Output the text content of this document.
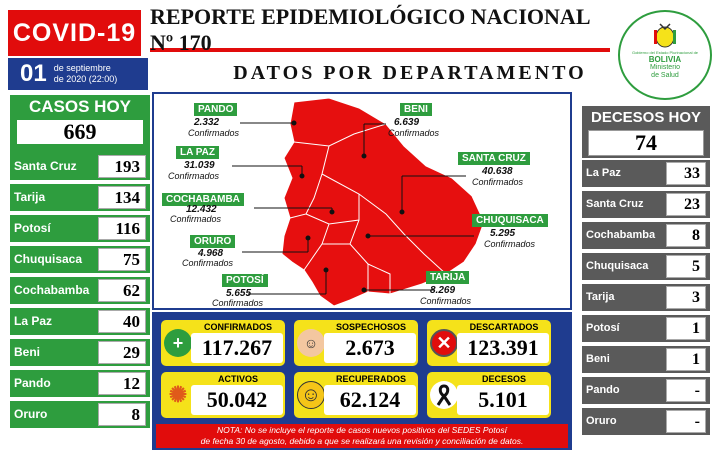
COVID-19
REPORTE EPIDEMIOLÓGICO NACIONAL Nº 170
01 de septiembre
de 2020 (22:00)	DATOS POR DEPARTAMENTO
Gobierno del Estado Plurinacional de
BOLIVIA
Ministerio
de Salud
CASOS HOY
669
Santa Cruz	193
Tarija	134
Potosí	116
Chuquisaca	75
Cochabamba	62
La Paz	40
Beni	29
Pando	12
Oruro	8
DECESOS HOY
74
La Paz	33
Santa Cruz	23
Cochabamba	8
Chuquisaca	5
Tarija	3
Potosí	1
Beni	1
Pando	-
Oruro	-
PANDO
2.332
Confirmados
BENI
6.639
Confirmados
LA PAZ
31.039
Confirmados
SANTA CRUZ
40.638
Confirmados
COCHABAMBA
12.432
Confirmados	CHUQUISACA
5.295
Confirmados
ORURO
4.968
Confirmados
POTOSÍ
5.655
Confirmados
TARIJA
8.269
Confirmados
+
CONFIRMADOS
117.267	☺
SOSPECHOSOS
2.673	✕
DESCARTADOS
123.391
✺
ACTIVOS
50.042	☺
RECUPERADOS
62.124
DECESOS
5.101
NOTA: No se incluye el reporte de casos nuevos positivos del SEDES Potosí
de fecha 30 de agosto, debido a que se realizará una revisión y conciliación de datos.
